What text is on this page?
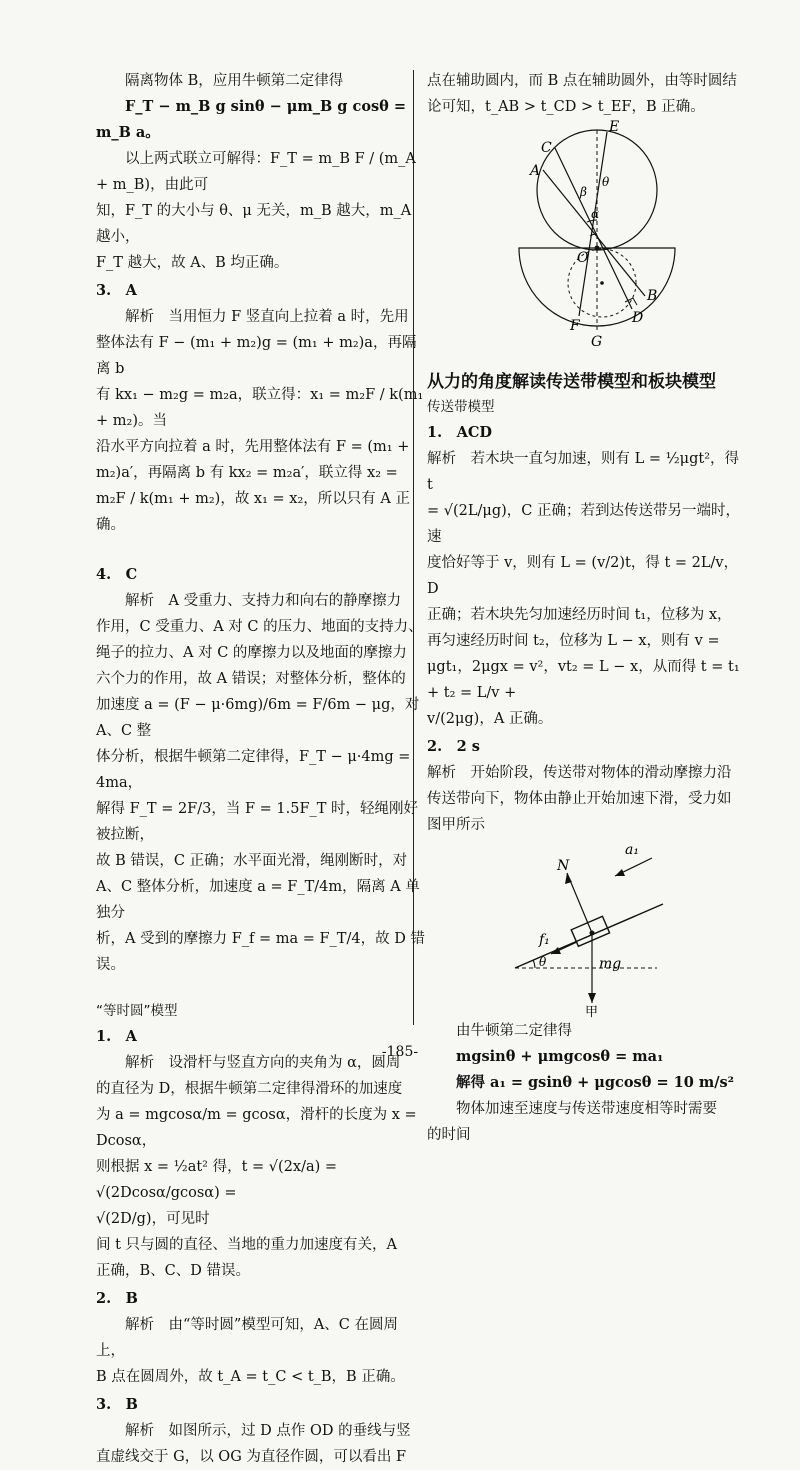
隔离物体 B，应用牛顿第二定律得

F_T − m_B g sinθ − μm_B g cosθ = m_B a。

以上两式联立可解得：F_T = m_B F / (m_A + m_B)，由此可

知，F_T 的大小与 θ、μ 无关，m_B 越大，m_A 越小，

F_T 越大，故 A、B 均正确。

3.　A

解析　当用恒力 F 竖直向上拉着 a 时，先用

整体法有 F − (m₁ + m₂)g = (m₁ + m₂)a，再隔离 b

有 kx₁ − m₂g = m₂a，联立得：x₁ = m₂F / k(m₁ + m₂)。当

沿水平方向拉着 a 时，先用整体法有 F = (m₁ +

m₂)a′，再隔离 b 有 kx₂ = m₂a′，联立得 x₂ =

m₂F / k(m₁ + m₂)，故 x₁ = x₂，所以只有 A 正确。

4.　C

解析　A 受重力、支持力和向右的静摩擦力

作用，C 受重力、A 对 C 的压力、地面的支持力、

绳子的拉力、A 对 C 的摩擦力以及地面的摩擦力

六个力的作用，故 A 错误；对整体分析，整体的

加速度 a = (F − μ·6mg)/6m = F/6m − μg，对 A、C 整

体分析，根据牛顿第二定律得，F_T − μ·4mg = 4ma，

解得 F_T = 2F/3，当 F = 1.5F_T 时，轻绳刚好被拉断，

故 B 错误，C 正确；水平面光滑，绳刚断时，对

A、C 整体分析，加速度 a = F_T/4m，隔离 A 单独分

析，A 受到的摩擦力 F_f = ma = F_T/4，故 D 错误。

“等时圆”模型

1.　A

解析　设滑杆与竖直方向的夹角为 α，圆周

的直径为 D，根据牛顿第二定律得滑环的加速度

为 a = mgcosα/m = gcosα，滑杆的长度为 x = Dcosα，

则根据 x = ½at² 得，t = √(2x/a) = √(2Dcosα/gcosα) =

√(2D/g)，可见时

间 t 只与圆的直径、当地的重力加速度有关，A

正确，B、C、D 错误。

2.　B

解析　由“等时圆”模型可知，A、C 在圆周上，

B 点在圆周外，故 t_A = t_C < t_B，B 正确。

3.　B

解析　如图所示，过 D 点作 OD 的垂线与竖

直虚线交于 G，以 OG 为直径作圆，可以看出 F

点在辅助圆内，而 B 点在辅助圆外，由等时圆结

论可知，t_AB > t_CD > t_EF，B 正确。

E
C
A
β
θ
α
O
B
D
F
G

从力的角度解读传送带模型和板块模型

传送带模型

1.　ACD

解析　若木块一直匀加速，则有 L = ½μgt²，得 t

= √(2L/μg)，C 正确；若到达传送带另一端时，速

度恰好等于 v，则有 L = (v/2)t，得 t = 2L/v，D

正确；若木块先匀加速经历时间 t₁，位移为 x，

再匀速经历时间 t₂，位移为 L − x，则有 v =

μgt₁，2μgx = v²，vt₂ = L − x，从而得 t = t₁ + t₂ = L/v +

v/(2μg)，A 正确。

2.　2 s

解析　开始阶段，传送带对物体的滑动摩擦力沿

传送带向下，物体由静止开始加速下滑，受力如

图甲所示

N
a₁
f₁
mg
θ
甲

由牛顿第二定律得

mgsinθ + μmgcosθ = ma₁

解得 a₁ = gsinθ + μgcosθ = 10 m/s²

物体加速至速度与传送带速度相等时需要

的时间

-185-
